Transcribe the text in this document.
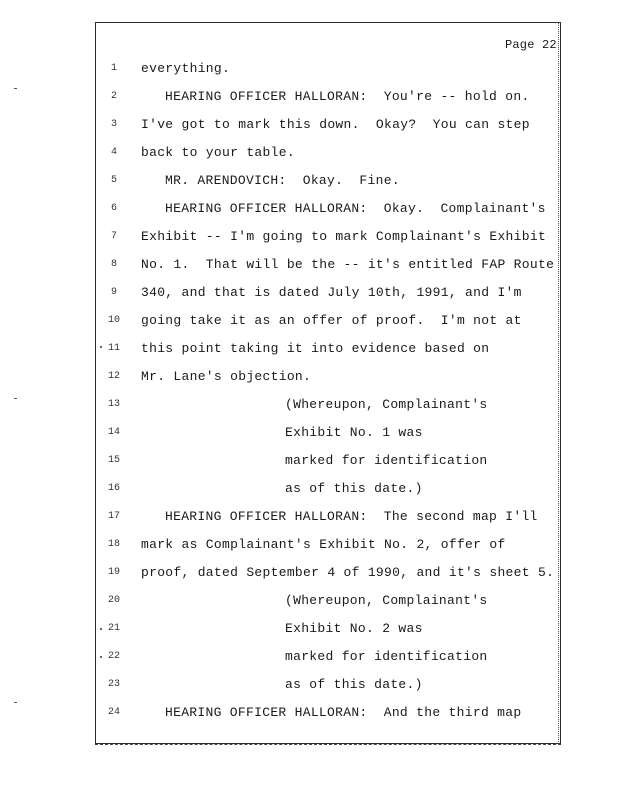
Page 22
1	everything.
2	HEARING OFFICER HALLORAN:  You're -- hold on.
3	I've got to mark this down.  Okay?  You can step
4	back to your table.
5	MR. ARENDOVICH:  Okay.  Fine.
6	HEARING OFFICER HALLORAN:  Okay.  Complainant's
7	Exhibit -- I'm going to mark Complainant's Exhibit
8	No. 1.  That will be the -- it's entitled FAP Route
9	340, and that is dated July 10th, 1991, and I'm
10 going take it as an offer of proof.  I'm not at
11 this point taking it into evidence based on
12 Mr. Lane's objection.
13	(Whereupon, Complainant's
14	Exhibit No. 1 was
15	marked for identification
16	as of this date.)
17	HEARING OFFICER HALLORAN:  The second map I'll
18 mark as Complainant's Exhibit No. 2, offer of
19 proof, dated September 4 of 1990, and it's sheet 5.
20	(Whereupon, Complainant's
21	Exhibit No. 2 was
22	marked for identification
23	as of this date.)
24	HEARING OFFICER HALLORAN:  And the third map
